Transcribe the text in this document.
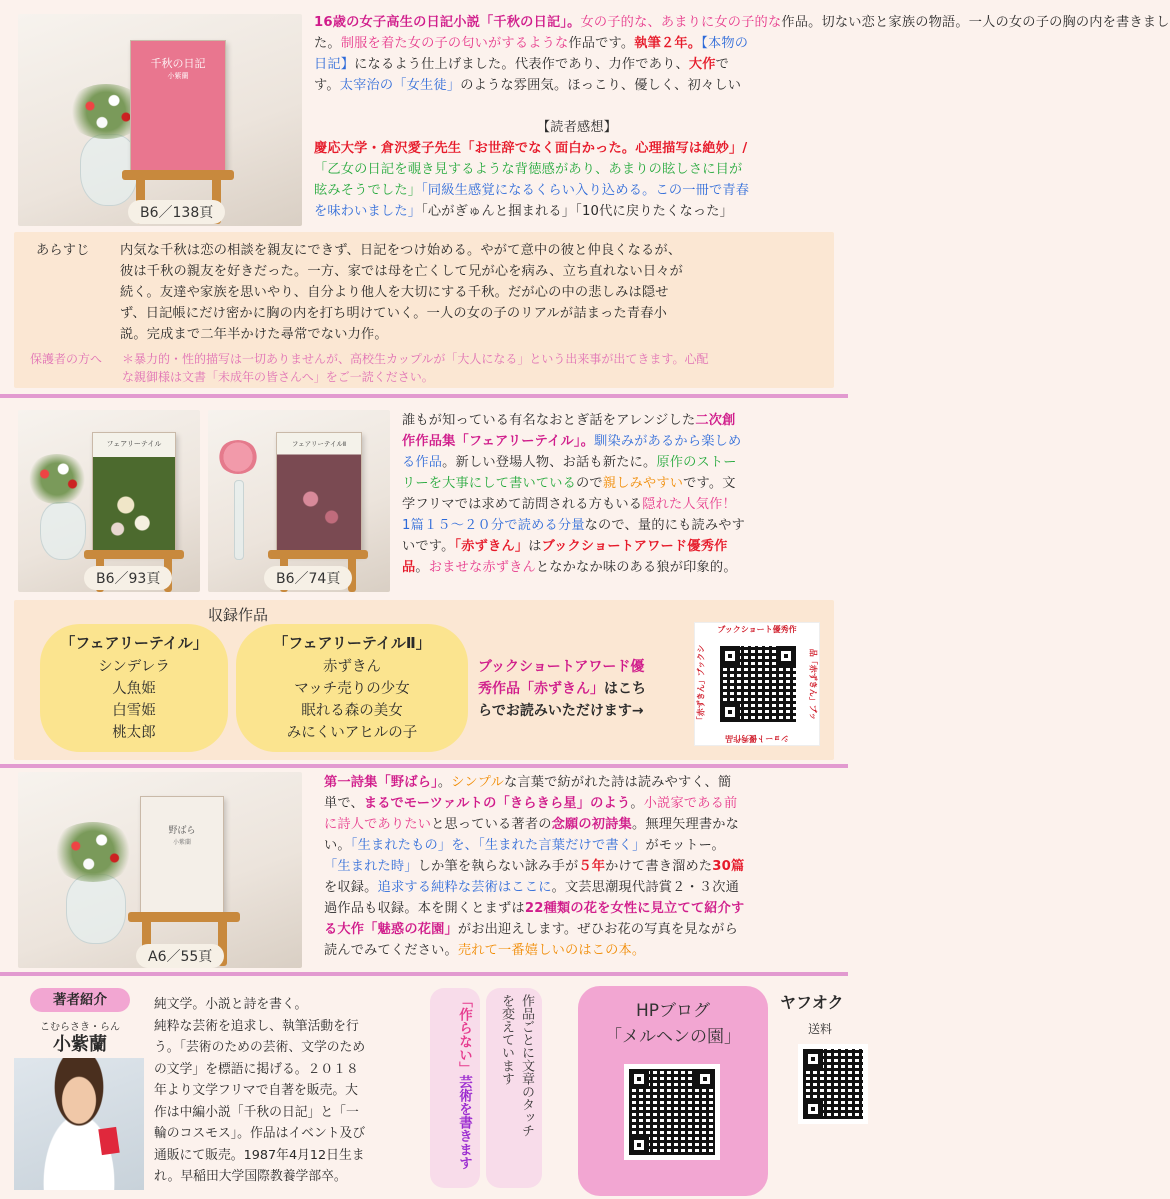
千秋の日記
小紫蘭
B6／138頁
16歳の女子高生の日記小説「千秋の日記」。女の子的な、あまりに女の子的な作品。切ない恋と家族の物語。一人の女の子の胸の内を書きまし
た。制服を着た女の子の匂いがするような作品です。執筆２年。【本物の
日記】になるよう仕上げました。代表作であり、力作であり、大作で
す。太宰治の「女生徒」のような雰囲気。ほっこり、優しく、初々しい
【読者感想】
慶応大学・倉沢愛子先生「お世辞でなく面白かった。心理描写は絶妙」/
「乙女の日記を覗き見するような背徳感があり、あまりの眩しさに目が
眩みそうでした」「同級生感覚になるくらい入り込める。この一冊で青春
を味わいました」「心がぎゅんと掴まれる」「10代に戻りたくなった」
あらすじ 内気な千秋は恋の相談を親友にできず、日記をつけ始める。やがて意中の彼と仲良くなるが、
彼は千秋の親友を好きだった。一方、家では母を亡くして兄が心を病み、立ち直れない日々が
続く。友達や家族を思いやり、自分より他人を大切にする千秋。だが心の中の悲しみは隠せ
ず、日記帳にだけ密かに胸の内を打ち明けていく。一人の女の子のリアルが詰まった青春小
説。完成まで二年半かけた尋常でない力作。
保護者の方へ ＊暴力的・性的描写は一切ありませんが、高校生カップルが「大人になる」という出来事が出てきます。心配
な親御様は文書「未成年の皆さんへ」をご一読ください。
フェアリーテイル
B6／93頁
フェアリーテイルⅡ
B6／74頁
誰もが知っている有名なおとぎ話をアレンジした二次創
作作品集「フェアリーテイル」。馴染みがあるから楽しめ
る作品。新しい登場人物、お話も新たに。原作のストー
リーを大事にして書いているので親しみやすいです。文
学フリマでは求めて訪問される方もいる隠れた人気作！
1篇１５～２０分で読める分量なので、量的にも読みやす
いです。「赤ずきん」はブックショートアワード優秀作
品。おませな赤ずきんとなかなか味のある狼が印象的。
収録作品
「フェアリーテイル」
シンデレラ
人魚姫
白雪姫
桃太郎
「フェアリーテイルⅡ」
赤ずきん
マッチ売りの少女
眠れる森の美女
みにくいアヒルの子
ブックショートアワード優
秀作品「赤ずきん」はこち
らでお読みいただけます→
ブックショート優秀作
ショート優秀作品
「赤ずきん」ブックシ	品「赤ずきん」ブッ
野ばら
小紫蘭
A6／55頁
第一詩集「野ばら」。シンプルな言葉で紡がれた詩は読みやすく、簡
単で、まるでモーツァルトの「きらきら星」のよう。小説家である前
に詩人でありたいと思っている著者の念願の初詩集。無理矢理書かな
い。「生まれたもの」を、「生まれた言葉だけで書く」がモットー。
「生まれた時」しか筆を執らない詠み手が５年かけて書き溜めた30篇
を収録。追求する純粋な芸術はここに。文芸思潮現代詩賞２・３次通
過作品も収録。本を開くとまずは22種類の花を女性に見立てて紹介す
る大作「魅惑の花園」がお出迎えします。ぜひお花の写真を見ながら
読んでみてください。売れて一番嬉しいのはこの本。
著者紹介
こむらさき・らん
小紫蘭
純文学。小説と詩を書く。
純粋な芸術を追求し、執筆活動を行
う。「芸術のための芸術、文学のため
の文学」を標語に掲げる。２０１８
年より文学フリマで自著を販売。大
作は中編小説「千秋の日記」と「一
輪のコスモス」。作品はイベント及び
通販にて販売。1987年4月12日生ま
れ。早稲田大学国際教養学部卒。
「作らない」芸術を書きます	作品ごとに文章のタッチ
を変えています	HPブログ
「メルヘンの園」
ヤフオク
送料
